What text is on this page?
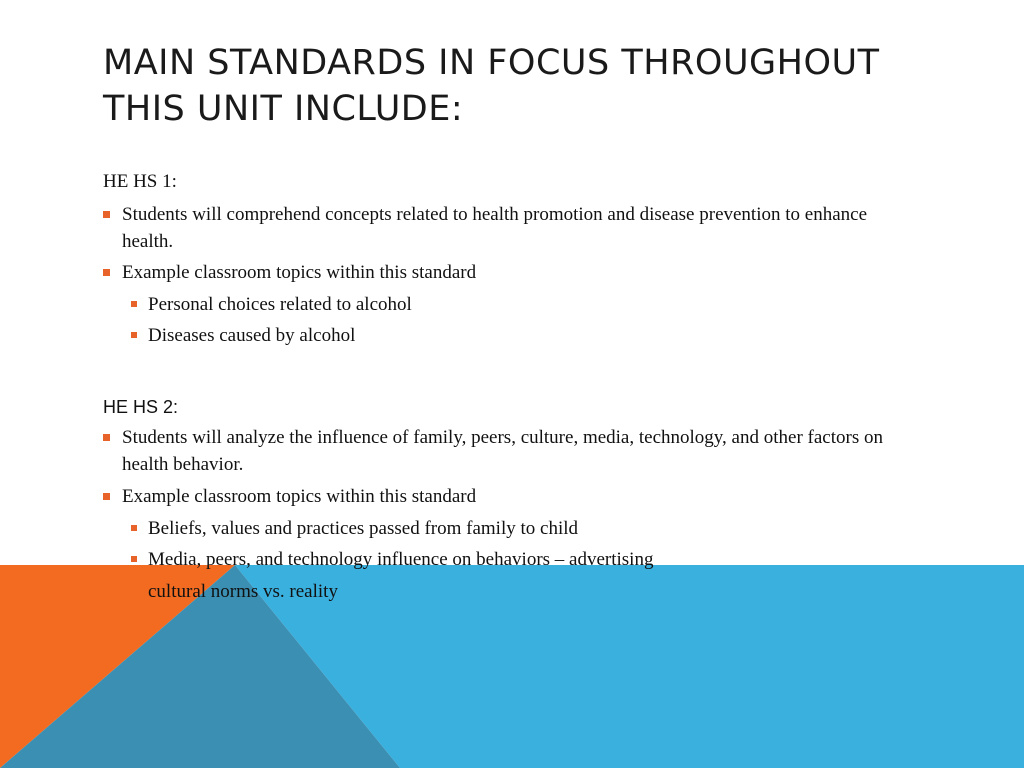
MAIN STANDARDS IN FOCUS THROUGHOUT THIS UNIT INCLUDE:
HE HS 1:
Students will comprehend concepts related to health promotion and disease prevention to enhance health.
Example classroom topics within this standard
Personal choices related to alcohol
Diseases caused by alcohol
HE HS 2:
Students will analyze the influence of family, peers, culture, media, technology, and other factors on health behavior.
Example classroom topics within this standard
Beliefs, values and practices passed from family to child
Media, peers, and technology influence on behaviors – advertising
cultural norms vs. reality
